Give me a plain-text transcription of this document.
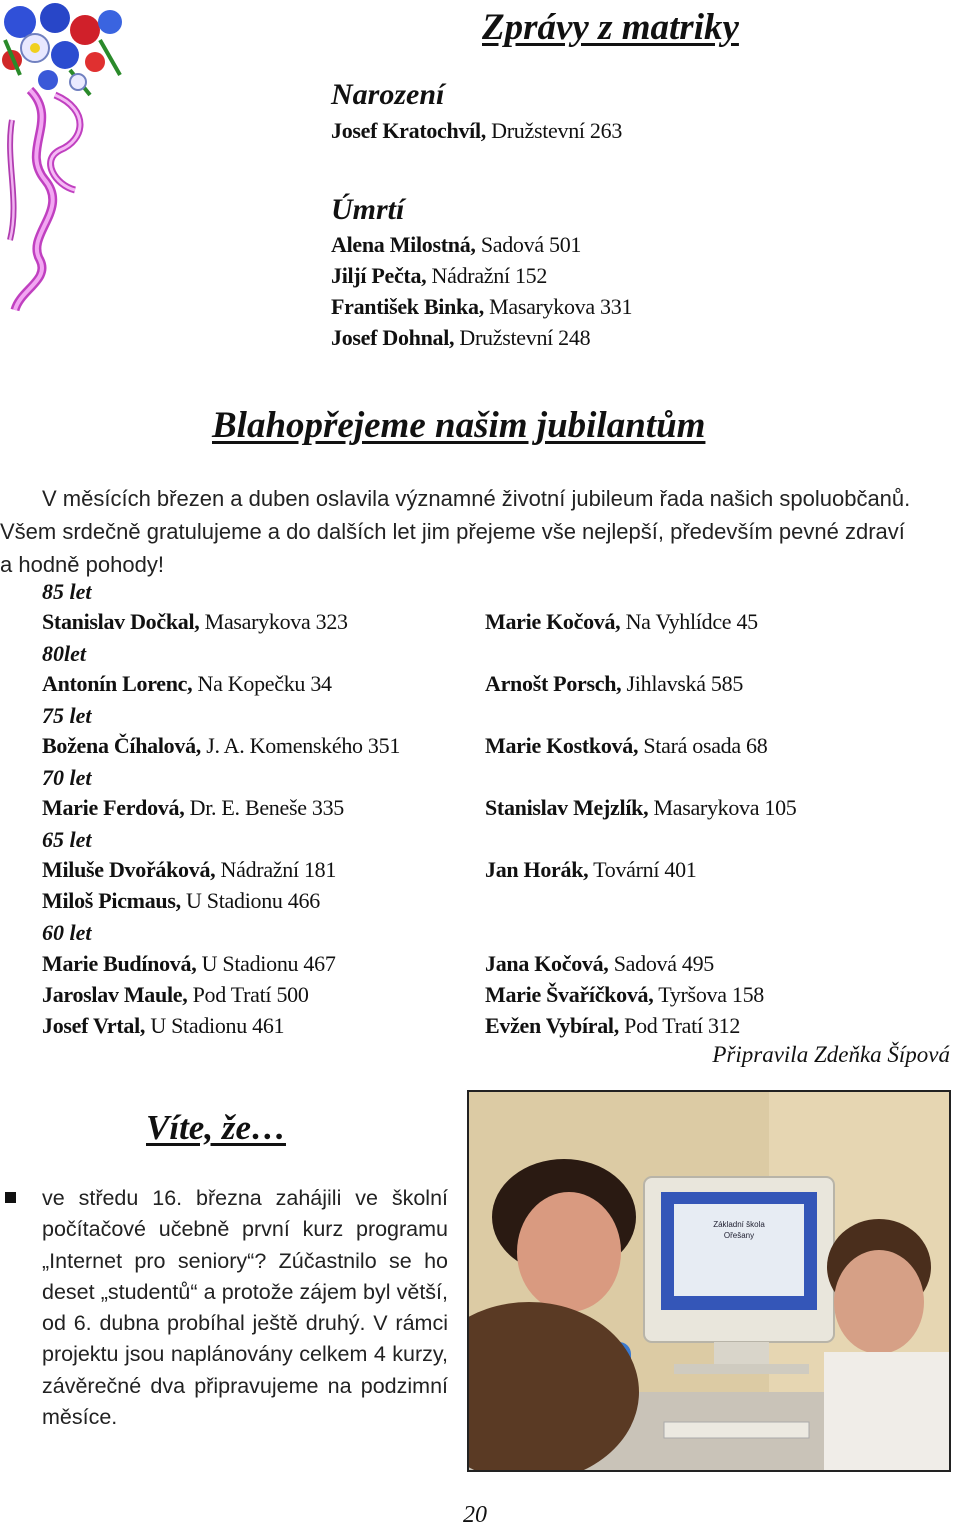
Zprávy z matriky
Narození
Josef Kratochvíl, Družstevní 263
Úmrtí
Alena Milostná, Sadová 501
Jiljí Pečta, Nádražní 152
František Binka, Masarykova 331
Josef Dohnal, Družstevní 248
Blahopřejeme našim jubilantům

V měsících březen a duben oslavila významné životní jubileum řada našich spoluobčanů.

Všem srdečně gratulujeme a do dalších let jim přejeme vše nejlepší, především pevné zdraví

a hodně pohody!

85 let
Stanislav Dočkal, Masarykova 323	Marie Kočová, Na Vyhlídce 45
80let
Antonín Lorenc, Na Kopečku 34	Arnošt Porsch, Jihlavská 585
75 let
Božena Číhalová, J. A. Komenského 351	Marie Kostková, Stará osada 68
70 let
Marie Ferdová, Dr. E. Beneše 335	Stanislav Mejzlík, Masarykova 105
65 let
Miluše Dvořáková, Nádražní 181	Jan Horák, Tovární 401
Miloš Picmaus, U Stadionu 466
60 let
Marie Budínová, U Stadionu 467	Jana Kočová, Sadová 495
Jaroslav Maule, Pod Tratí 500	Marie Švaříčková, Tyršova 158
Josef Vrtal, U Stadionu 461	Evžen Vybíral, Pod Tratí 312
Připravila Zdeňka Šípová
Víte, že…
ve středu 16. března zahájili ve školní počítačové učebně první kurz programu „Internet pro seniory“? Zúčastnilo se ho deset „studentů“ a protože zájem byl větší, od 6. dubna probíhal ještě druhý. V rámci projektu jsou naplánovány celkem 4 kurzy, závěrečné dva připravujeme na podzimní měsíce.
Základní škola
Ořešany
20
